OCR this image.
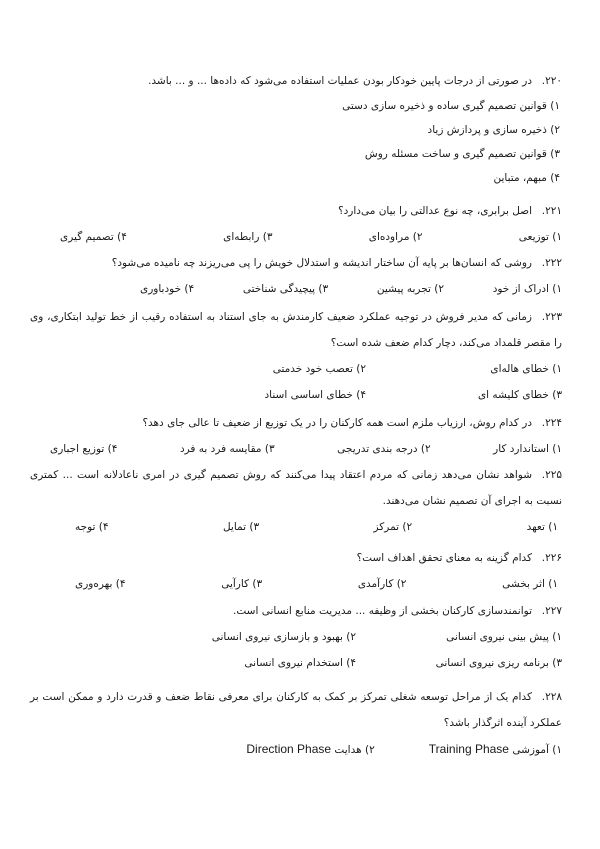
۲۲۰.در صورتی از درجات پایین خودکار بودن عملیات استفاده می‌شود که داده‌ها ... و ... باشد.
۱) قوانین تصمیم گیری ساده و ذخیره سازی دستی
۲) ذخیره سازی و پردازش زیاد
۳) قوانین تصمیم گیری و ساخت مسئله روش
۴) مبهم، متباین
۲۲۱.اصل برابری، چه نوع عدالتی را بیان می‌دارد؟
۱) توزیعی
۲) مراوده‌ای
۳) رابطه‌ای
۴) تصمیم گیری
۲۲۲.روشی که انسان‌ها بر پایه آن ساختار اندیشه و استدلال خویش را پی می‌ریزند چه نامیده می‌شود؟
۱) ادراک از خود
۲) تجربه پیشین
۳) پیچیدگی شناختی
۴) خودباوری
۲۲۳.زمانی که مدیر فروش در توجیه عملکرد ضعیف کارمندش به جای استناد به استفاده رقیب از خط تولید ابتکاری، وی را مقصر قلمداد می‌کند، دچار کدام ضعف شده است؟
۱) خطای هاله‌ای
۲) تعصب خود خدمتی
۳) خطای کلیشه ای
۴) خطای اساسی اسناد
۲۲۴.در کدام روش، ارزیاب ملزم است همه کارکنان را در یک توزیع از ضعیف تا عالی جای دهد؟
۱) استاندارد کار
۲) درجه بندی تدریجی
۳) مقایسه فرد به فرد
۴) توزیع اجباری
۲۲۵.شواهد نشان می‌دهد زمانی که مردم اعتقاد پیدا می‌کنند که روش تصمیم گیری در امری ناعادلانه است ... کمتری نسبت به اجرای آن تصمیم نشان می‌دهند.
۱) تعهد
۲) تمرکز
۳) تمایل
۴) توجه
۲۲۶.کدام گزینه به معنای تحقق اهداف است؟
۱) اثر بخشی
۲) کارآمدی
۳) کارآیی
۴) بهره‌وری
۲۲۷.توانمندسازی کارکنان بخشی از وظیفه ... مدیریت منابع انسانی است.
۱) پیش بینی نیروی انسانی
۲) بهبود و بازسازی نیروی انسانی
۳) برنامه ریزی نیروی انسانی
۴) استخدام نیروی انسانی
۲۲۸.کدام یک از مراحل توسعه شغلی تمرکز بر کمک به کارکنان برای معرفی نقاط ضعف و قدرت دارد و ممکن است بر عملکرد آینده اثرگذار باشد؟
۱) آموزشی Training Phase
۲) هدایت Direction Phase
